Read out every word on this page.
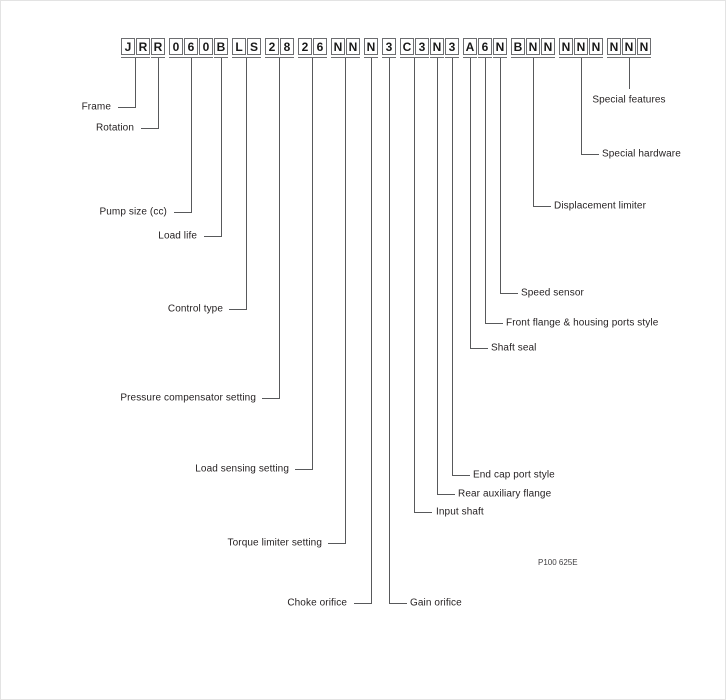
J R R 0 6 0 B L S 2 8 2 6 N N N 3 C 3 N 3 A 6 N B N N N N N N N N
Frame
Rotation
Pump size (cc)
Load life
Control type
Pressure compensator setting
Load sensing setting
Torque limiter setting
Choke orifice	Gain orifice
Input shaft
Rear auxiliary flange
End cap port style
Shaft seal
Front flange & housing ports style
Speed sensor
Displacement limiter
Special hardware
Special features
P100 625E
